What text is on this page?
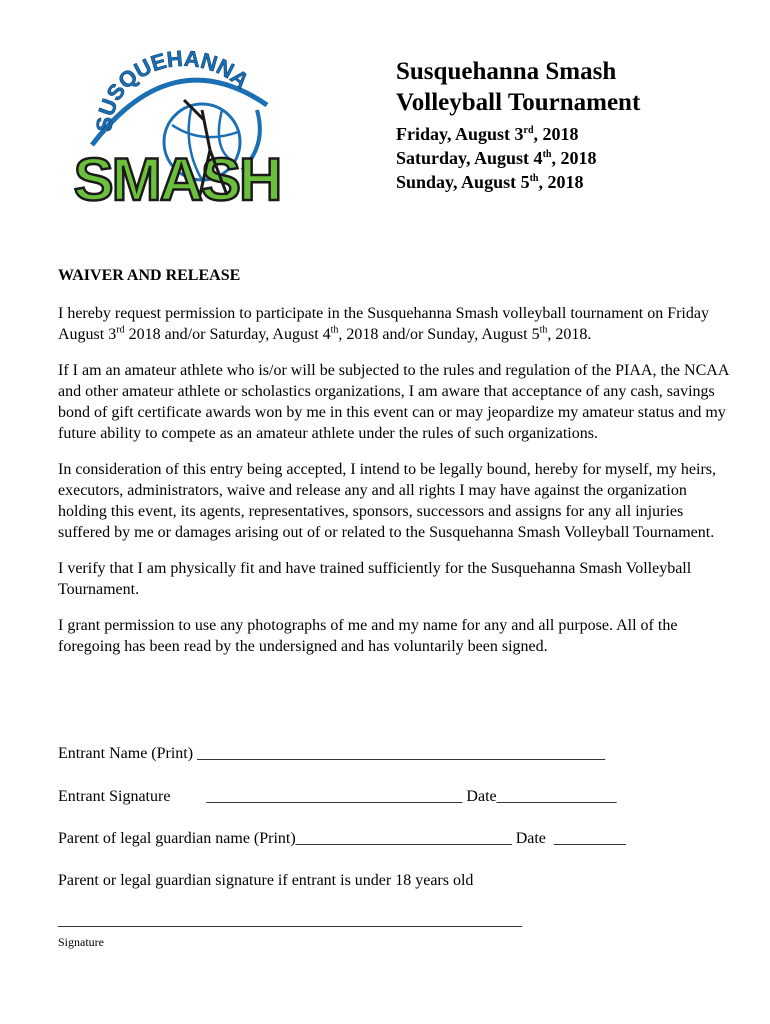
SUSQUEHANNA
SMASH
Susquehanna Smash
Volleyball Tournament
Friday, August 3rd, 2018
Saturday, August 4th, 2018
Sunday, August 5th, 2018
WAIVER AND RELEASE

I hereby request permission to participate in the Susquehanna Smash volleyball tournament on Friday August 3rd 2018 and/or Saturday, August 4th, 2018 and/or Sunday, August 5th, 2018.

If I am an amateur athlete who is/or will be subjected to the rules and regulation of the PIAA, the NCAA and other amateur athlete or scholastics organizations, I am aware that acceptance of any cash, savings bond of gift certificate awards won by me in this event can or may jeopardize my amateur status and my future ability to compete as an amateur athlete under the rules of such organizations.

In consideration of this entry being accepted, I intend to be legally bound, hereby for myself, my heirs, executors, administrators, waive and release any and all rights I may have against the organization holding this event, its agents, representatives, sponsors, successors and assigns for any all injuries suffered by me or damages arising out of or related to the Susquehanna Smash Volleyball Tournament.

I verify that I am physically fit and have trained sufficiently for the Susquehanna Smash Volleyball Tournament.

I grant permission to use any photographs of me and my name for any and all purpose. All of the foregoing has been read by the undersigned and has voluntarily been signed.

Entrant Name (Print) ___________________________________________________
Entrant Signature         ________________________________ Date_______________
Parent of legal guardian name (Print)___________________________ Date  _________
Parent or legal guardian signature if entrant is under 18 years old
__________________________________________________________
Signature
